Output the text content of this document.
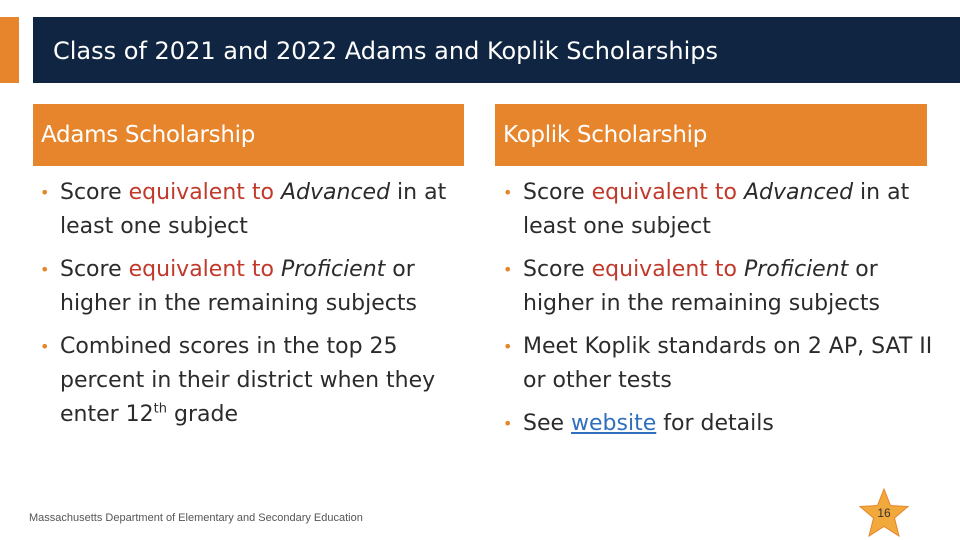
Class of 2021 and 2022 Adams and Koplik Scholarships
Adams Scholarship
• Score equivalent to Advanced in at least one subject
• Score equivalent to Proficient or higher in the remaining subjects
• Combined scores in the top 25 percent in their district when they enter 12th grade
Koplik Scholarship
• Score equivalent to Advanced in at least one subject
• Score equivalent to Proficient or higher in the remaining subjects
• Meet Koplik standards on 2 AP, SAT II or other tests
• See website for details
Massachusetts Department of Elementary and Secondary Education	16
